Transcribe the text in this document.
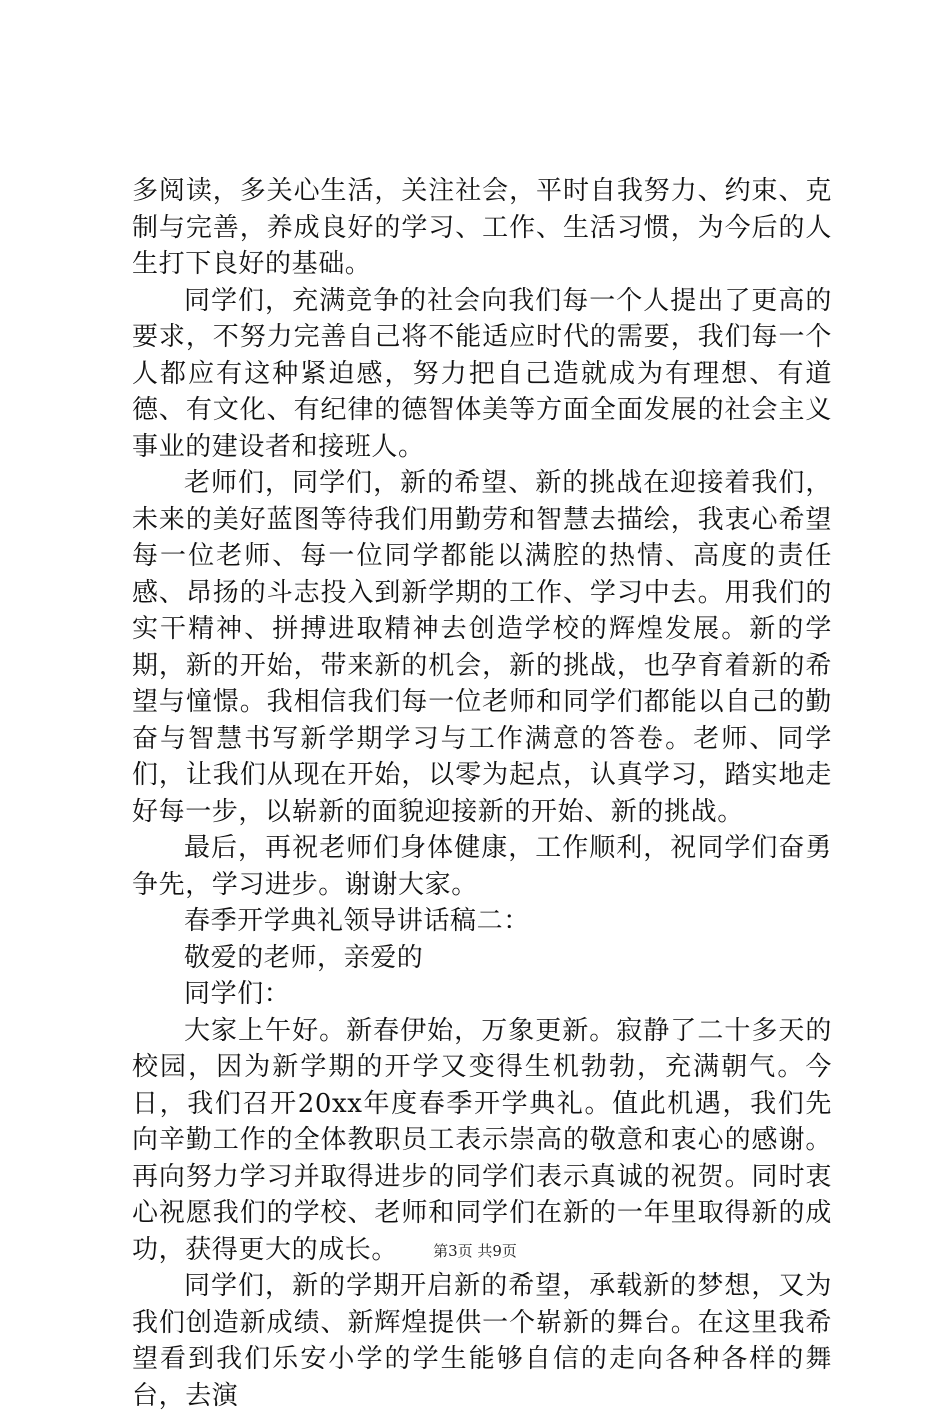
多阅读，多关心生活，关注社会，平时自我努力、约束、克制与完善，养成良好的学习、工作、生活习惯，为今后的人生打下良好的基础。

同学们，充满竞争的社会向我们每一个人提出了更高的要求，不努力完善自己将不能适应时代的需要，我们每一个人都应有这种紧迫感，努力把自己造就成为有理想、有道德、有文化、有纪律的德智体美等方面全面发展的社会主义事业的建设者和接班人。

老师们，同学们，新的希望、新的挑战在迎接着我们，未来的美好蓝图等待我们用勤劳和智慧去描绘，我衷心希望每一位老师、每一位同学都能以满腔的热情、高度的责任感、昂扬的斗志投入到新学期的工作、学习中去。用我们的实干精神、拼搏进取精神去创造学校的辉煌发展。新的学期，新的开始，带来新的机会，新的挑战，也孕育着新的希望与憧憬。我相信我们每一位老师和同学们都能以自己的勤奋与智慧书写新学期学习与工作满意的答卷。老师、同学们，让我们从现在开始，以零为起点，认真学习，踏实地走好每一步，以崭新的面貌迎接新的开始、新的挑战。

最后，再祝老师们身体健康，工作顺利，祝同学们奋勇争先，学习进步。谢谢大家。

春季开学典礼领导讲话稿二：

敬爱的老师，亲爱的

同学们：

大家上午好。新春伊始，万象更新。寂静了二十多天的校园，因为新学期的开学又变得生机勃勃，充满朝气。今日，我们召开20xx年度春季开学典礼。值此机遇，我们先向辛勤工作的全体教职员工表示崇高的敬意和衷心的感谢。再向努力学习并取得进步的同学们表示真诚的祝贺。同时衷心祝愿我们的学校、老师和同学们在新的一年里取得新的成功，获得更大的成长。

同学们，新的学期开启新的希望，承载新的梦想，又为我们创造新成绩、新辉煌提供一个崭新的舞台。在这里我希望看到我们乐安小学的学生能够自信的走向各种各样的舞台，去演

第3页 共9页
